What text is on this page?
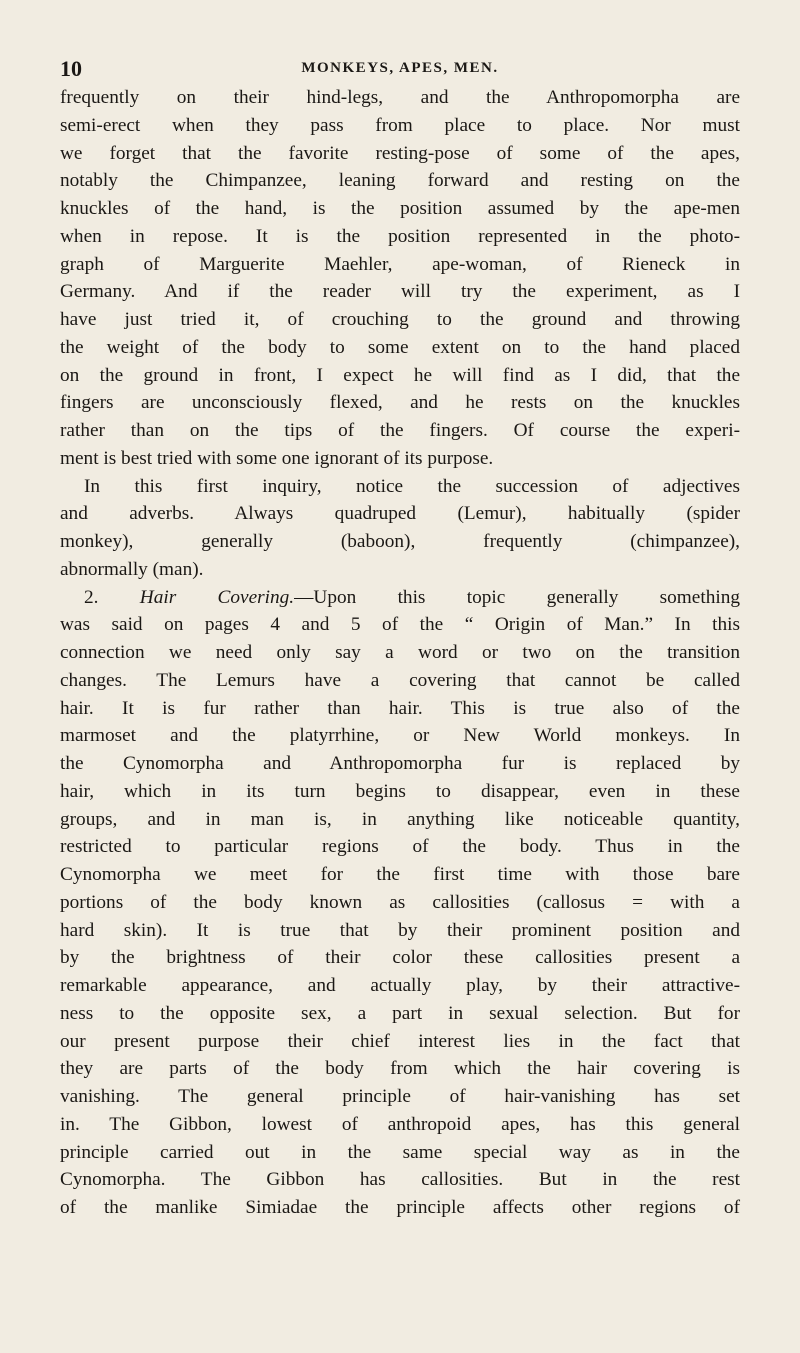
10	MONKEYS, APES, MEN.
frequently on their hind-legs, and the Anthropomorpha are
semi-erect when they pass from place to place. Nor must
we forget that the favorite resting-pose of some of the apes,
notably the Chimpanzee, leaning forward and resting on the
knuckles of the hand, is the position assumed by the ape-men
when in repose. It is the position represented in the photo-
graph of Marguerite Maehler, ape-woman, of Rieneck in
Germany. And if the reader will try the experiment, as I
have just tried it, of crouching to the ground and throwing
the weight of the body to some extent on to the hand placed
on the ground in front, I expect he will find as I did, that the
fingers are unconsciously flexed, and he rests on the knuckles
rather than on the tips of the fingers. Of course the experi-
ment is best tried with some one ignorant of its purpose.
In this first inquiry, notice the succession of adjectives
and adverbs. Always quadruped (Lemur), habitually (spider
monkey), generally (baboon), frequently (chimpanzee),
abnormally (man).
2. Hair Covering.—Upon this topic generally something
was said on pages 4 and 5 of the “ Origin of Man.” In this
connection we need only say a word or two on the transition
changes. The Lemurs have a covering that cannot be called
hair. It is fur rather than hair. This is true also of the
marmoset and the platyrrhine, or New World monkeys. In
the Cynomorpha and Anthropomorpha fur is replaced by
hair, which in its turn begins to disappear, even in these
groups, and in man is, in anything like noticeable quantity,
restricted to particular regions of the body. Thus in the
Cynomorpha we meet for the first time with those bare
portions of the body known as callosities (callosus = with a
hard skin). It is true that by their prominent position and
by the brightness of their color these callosities present a
remarkable appearance, and actually play, by their attractive-
ness to the opposite sex, a part in sexual selection. But for
our present purpose their chief interest lies in the fact that
they are parts of the body from which the hair covering is
vanishing. The general principle of hair-vanishing has set
in. The Gibbon, lowest of anthropoid apes, has this general
principle carried out in the same special way as in the
Cynomorpha. The Gibbon has callosities. But in the rest
of the manlike Simiadae the principle affects other regions of
